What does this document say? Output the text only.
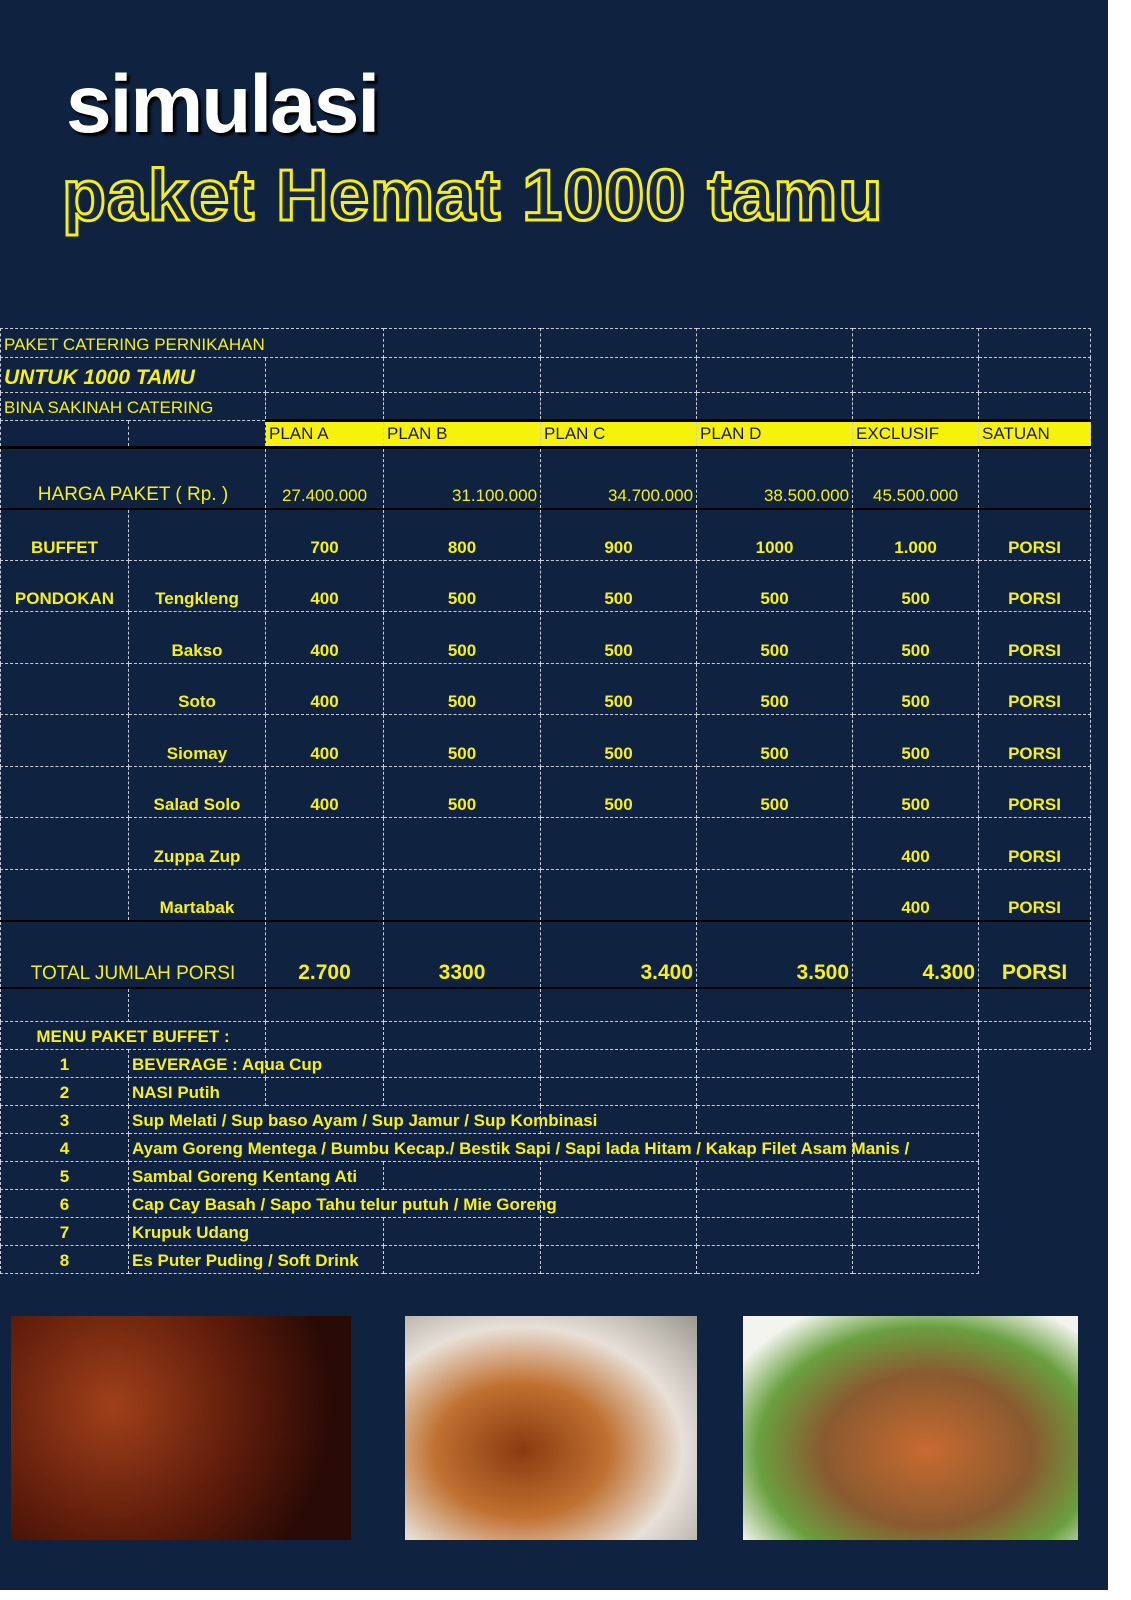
simulasi
paket Hemat 1000 tamu
PAKET CATERING PERNIKAHAN							
UNTUK 1000 TAMU							
BINA SAKINAH CATERING							
		PLAN A	PLAN B	PLAN C	PLAN D	EXCLUSIF	SATUAN
HARGA PAKET ( Rp. )		27.400.000	31.100.000	34.700.000	38.500.000	45.500.000	
BUFFET		700	800	900	1000	1.000	PORSI
PONDOKAN	Tengkleng	400	500	500	500	500	PORSI
	Bakso	400	500	500	500	500	PORSI
	Soto	400	500	500	500	500	PORSI
	Siomay	400	500	500	500	500	PORSI
	Salad Solo	400	500	500	500	500	PORSI
	Zuppa Zup					400	PORSI
	Martabak					400	PORSI
TOTAL JUMLAH PORSI		2.700	3300	3.400	3.500	4.300	PORSI

MENU PAKET BUFFET :							
1	BEVERAGE : Aqua Cup						
2	NASI Putih						
3	Sup Melati / Sup baso Ayam / Sup Jamur / Sup Kombinasi						
4	Ayam Goreng Mentega / Bumbu Kecap./ Bestik Sapi / Sapi lada Hitam / Kakap Filet Asam Manis /						
5	Sambal Goreng Kentang Ati						
6	Cap Cay Basah / Sapo Tahu telur putuh / Mie Goreng						
7	Krupuk Udang						
8	Es Puter Puding / Soft Drink						
